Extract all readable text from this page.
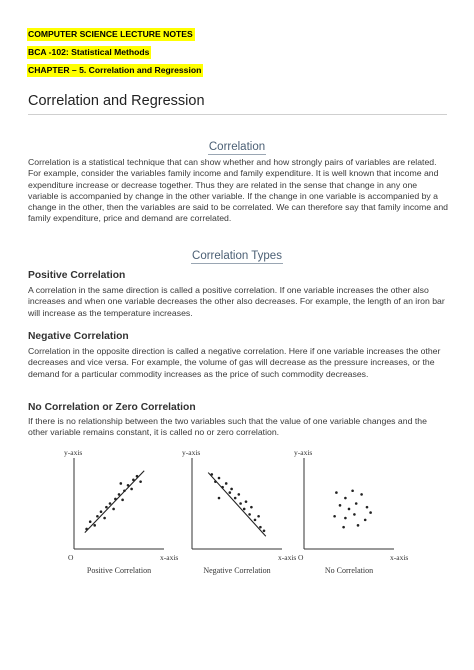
COMPUTER SCIENCE LECTURE NOTES
BCA -102: Statistical Methods
CHAPTER – 5. Correlation and Regression
Correlation and Regression
Correlation

Correlation is a statistical technique that can show whether and how strongly pairs of variables are related. For example, consider the variables family income and family expenditure. It is well known that income and expenditure increase or decrease together. Thus they are related in the sense that change in any one variable is accompanied by change in the other variable. If the change in one variable is accompanied by a change in the other, then the variables are said to be correlated. We can therefore say that family income and family expenditure, price and demand are correlated.

Correlation Types
Positive Correlation

A correlation in the same direction is called a positive correlation. If one variable increases the other also increases and when one variable decreases the other also decreases. For example, the length of an iron bar will increase as the temperature increases.

Negative Correlation

Correlation in the opposite direction is called a negative correlation. Here if one variable increases the other decreases and vice versa. For example, the volume of gas will decrease as the pressure increases, or the demand for a particular commodity increases as the price of such commodity decreases.

No Correlation or Zero Correlation

If there is no relationship between the two variables such that the value of one variable changes and the other variable remains constant, it is called no or zero correlation.

y-axis
x-axis
O
Positive Correlation
y-axis
x-axis
Negative Correlation
y-axis
x-axis
O
No Correlation
